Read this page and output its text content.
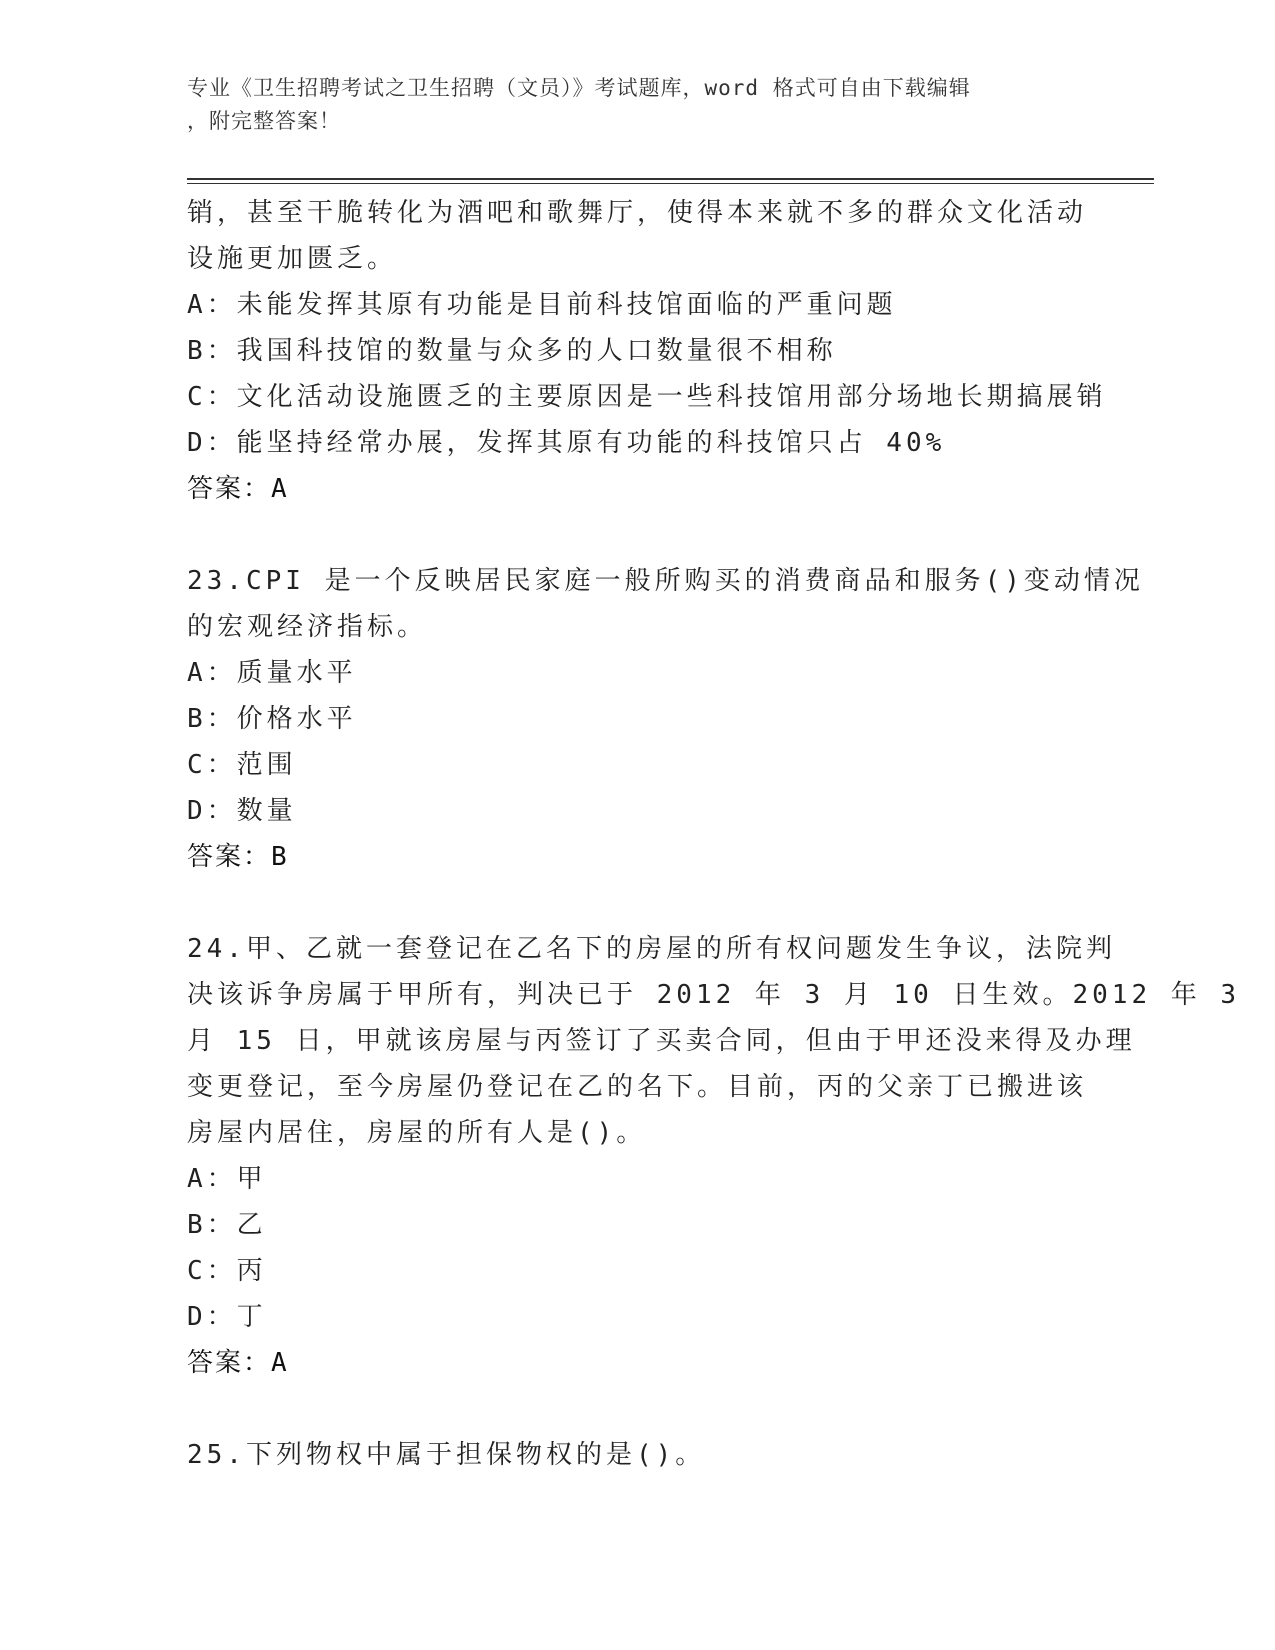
专业《卫生招聘考试之卫生招聘（文员）》考试题库，word 格式可自由下载编辑
，附完整答案！
销，甚至干脆转化为酒吧和歌舞厅，使得本来就不多的群众文化活动
设施更加匮乏。
A：未能发挥其原有功能是目前科技馆面临的严重问题
B：我国科技馆的数量与众多的人口数量很不相称
C：文化活动设施匮乏的主要原因是一些科技馆用部分场地长期搞展销
D：能坚持经常办展，发挥其原有功能的科技馆只占 40%
答案：A
23.CPI 是一个反映居民家庭一般所购买的消费商品和服务()变动情况
的宏观经济指标。
A：质量水平
B：价格水平
C：范围
D：数量
答案：B
24.甲、乙就一套登记在乙名下的房屋的所有权问题发生争议，法院判
决该诉争房属于甲所有，判决已于 2012 年 3 月 10 日生效。2012 年 3
月 15 日，甲就该房屋与丙签订了买卖合同，但由于甲还没来得及办理
变更登记，至今房屋仍登记在乙的名下。目前，丙的父亲丁已搬进该
房屋内居住，房屋的所有人是()。
A：甲
B：乙
C：丙
D：丁
答案：A
25.下列物权中属于担保物权的是()。
